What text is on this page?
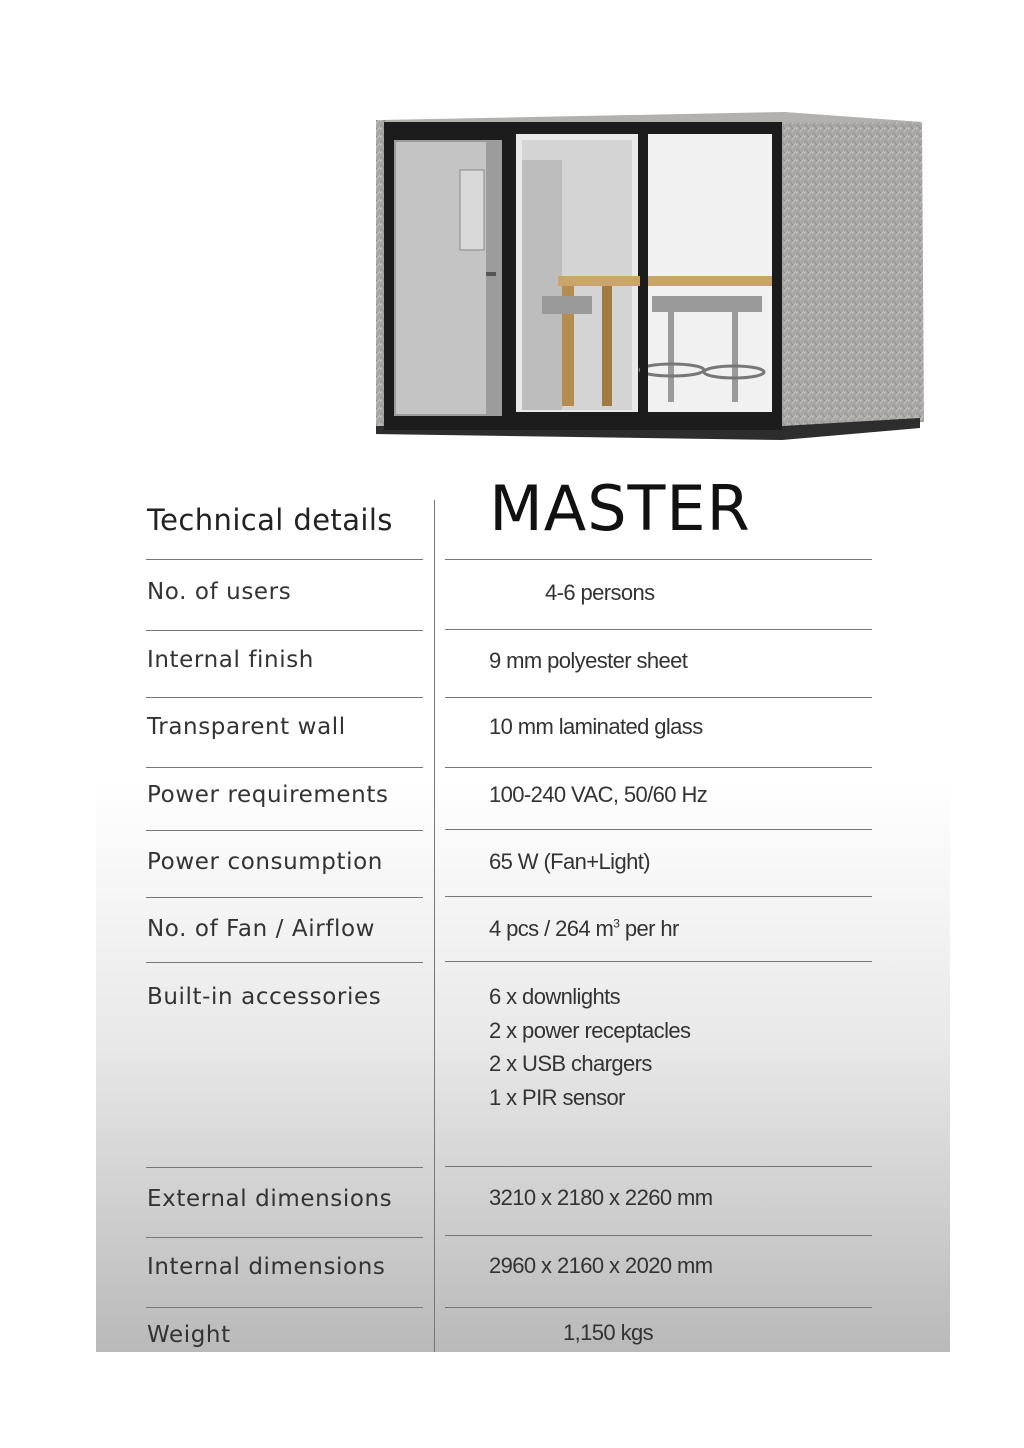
Technical details	MASTER
No. of users	4-6 persons
Internal finish	9 mm polyester sheet
Transparent wall	10 mm laminated glass
Power requirements	100-240 VAC, 50/60 Hz
Power consumption	65 W (Fan+Light)
No. of Fan / Airflow	4 pcs / 264 $m^3$ per hr
Built-in accessories	6 x downlights
2 x power receptacles
2 x USB chargers
1 x PIR sensor
External dimensions	3210 x 2180 x 2260 mm
Internal dimensions	2960 x 2160 x 2020 mm
Weight	1,150 kgs
